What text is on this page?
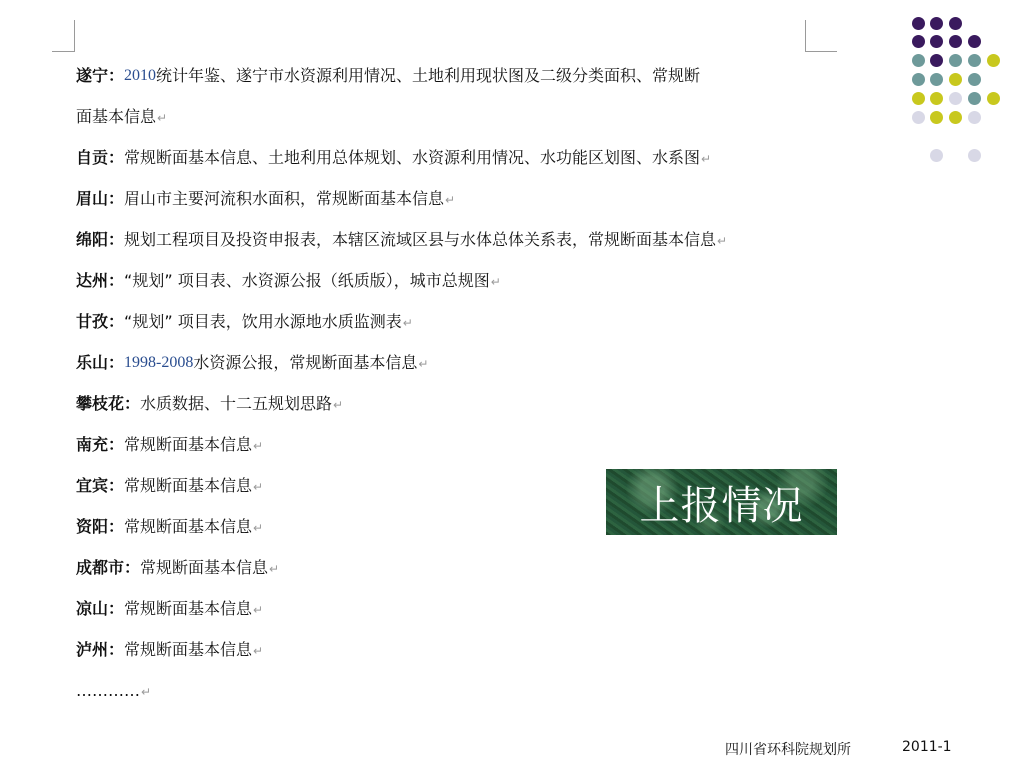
遂宁 ： 2010 统计年鉴、遂宁市水资源利用情况、土地利用现状图及二级分类面积、常规断
面基本信息 ↵
自贡 ： 常规断面基本信息、土地利用总体规划、水资源利用情况、水功能区划图、水系图 ↵
眉山 ： 眉山市主要河流积水面积，常规断面基本信息 ↵
绵阳 ： 规划工程项目及投资申报表，本辖区流域区县与水体总体关系表，常规断面基本信息 ↵
达州 ： “规划” 项目表、水资源公报（纸质版），城市总规图 ↵
甘孜 ： “规划” 项目表，饮用水源地水质监测表 ↵
乐山 ： 1998-2008 水资源公报，常规断面基本信息 ↵
攀枝花 ： 水质数据、十二五规划思路 ↵
南充 ： 常规断面基本信息 ↵
宜宾 ： 常规断面基本信息 ↵
资阳 ： 常规断面基本信息 ↵
成都市 ： 常规断面基本信息 ↵
凉山 ： 常规断面基本信息 ↵
泸州 ： 常规断面基本信息 ↵
………… ↵
上报情况
四川省环科院规划所	2011-1
